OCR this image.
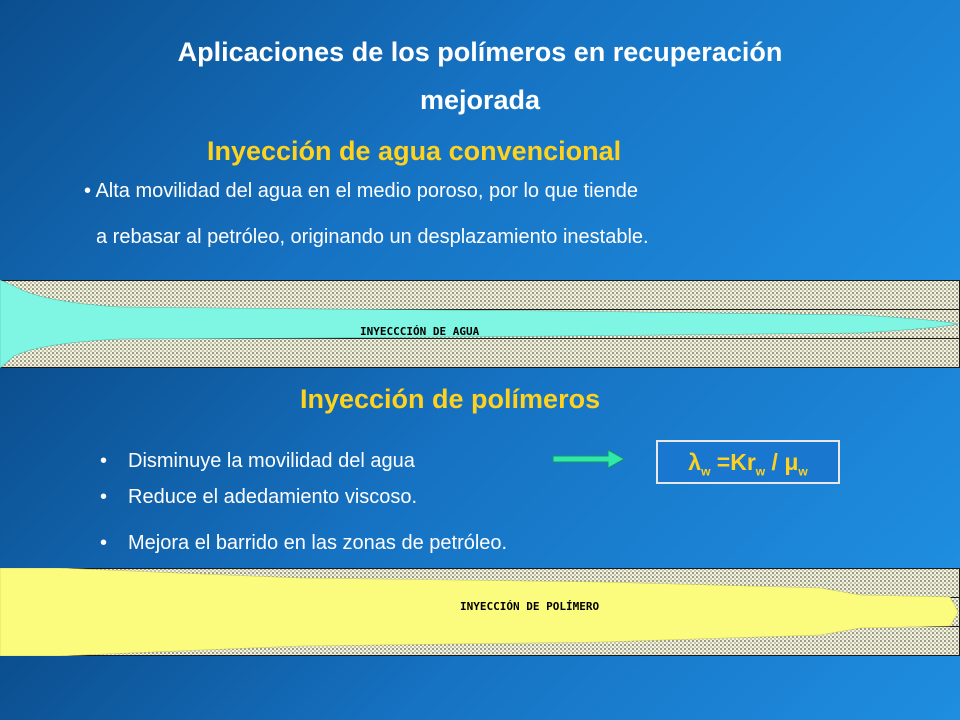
Aplicaciones de los polímeros en recuperación

mejorada

Inyección de agua convencional

• Alta movilidad del agua en el medio poroso, por lo que tiende

a rebasar al petróleo, originando un desplazamiento inestable.

INYECCCIÓN DE AGUA

Inyección de polímeros

• Disminuye la movilidad del agua
• Reduce el adedamiento viscoso.
• Mejora el barrido en las zonas de petróleo.
$\lambda_w =Kr_w / \mu_w$
INYECCIÓN DE POLÍMERO
